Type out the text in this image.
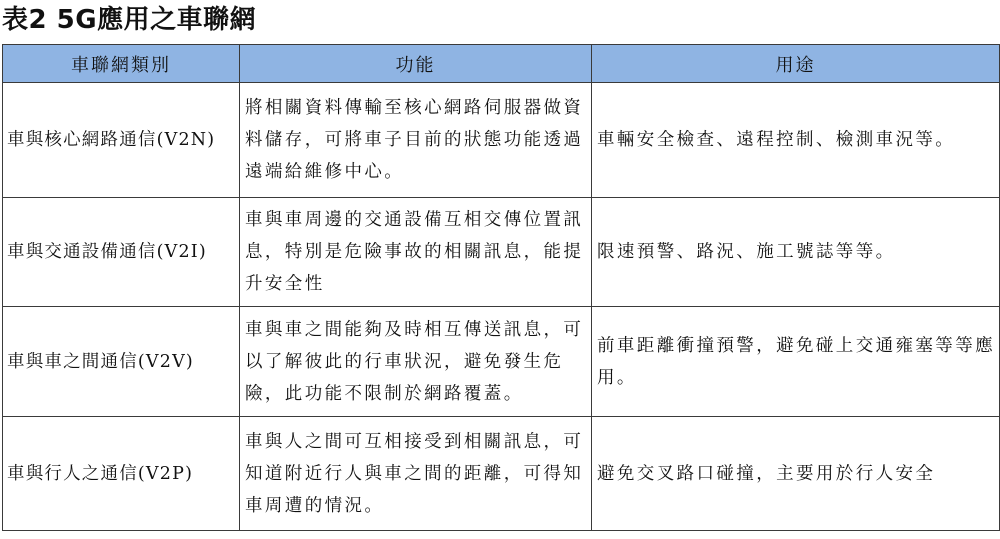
表2 5G應用之車聯網
車聯網類別	功能	用途
車與核心網路通信(V2N)	將相關資料傳輸至核心網路伺服器做資料儲存，可將車子目前的狀態功能透過遠端給維修中心。	車輛安全檢查、遠程控制、檢測車況等。
車與交通設備通信(V2I)	車與車周邊的交通設備互相交傳位置訊息，特別是危險事故的相關訊息，能提升安全性	限速預警、路況、施工號誌等等。
車與車之間通信(V2V)	車與車之間能夠及時相互傳送訊息，可以了解彼此的行車狀況，避免發生危險，此功能不限制於網路覆蓋。	前車距離衝撞預警，避免碰上交通雍塞等等應用。
車與行人之通信(V2P)	車與人之間可互相接受到相關訊息，可知道附近行人與車之間的距離，可得知車周遭的情況。	避免交叉路口碰撞，主要用於行人安全
